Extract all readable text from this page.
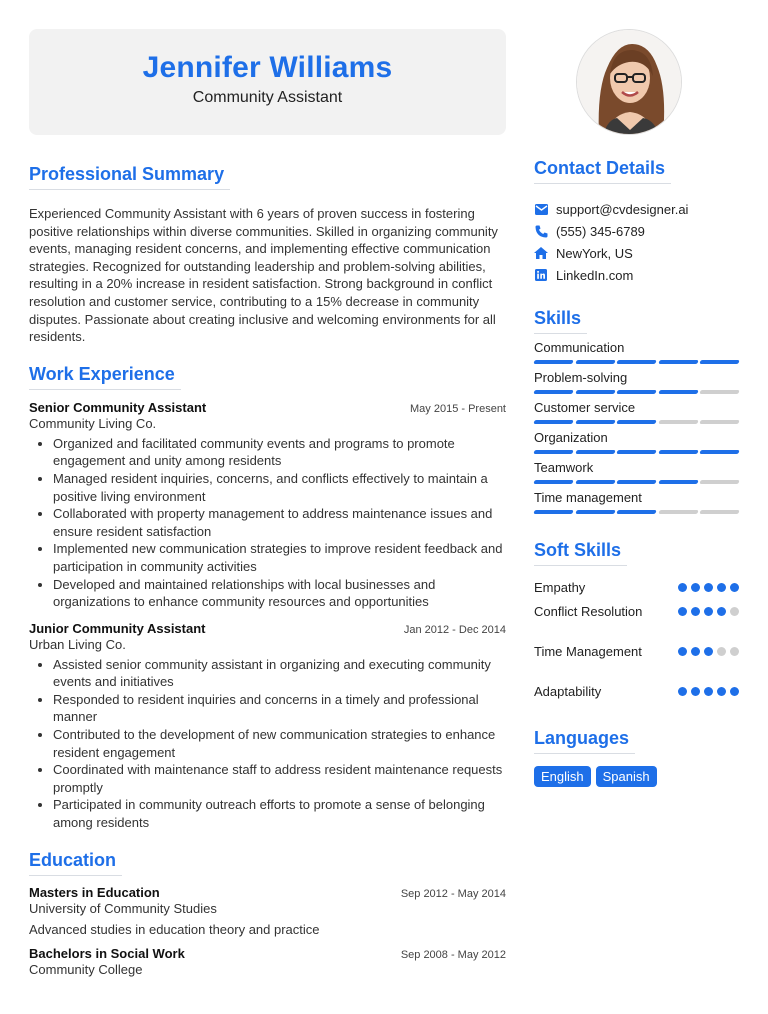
Jennifer Williams
Community Assistant
Professional Summary
Experienced Community Assistant with 6 years of proven success in fostering positive relationships within diverse communities. Skilled in organizing community events, managing resident concerns, and implementing effective communication strategies. Recognized for outstanding leadership and problem-solving abilities, resulting in a 20% increase in resident satisfaction. Strong background in conflict resolution and customer service, contributing to a 15% decrease in community disputes. Passionate about creating inclusive and welcoming environments for all residents.
Work Experience
Senior Community Assistant	May 2015 - Present
Community Living Co.
• Organized and facilitated community events and programs to promote engagement and unity among residents
• Managed resident inquiries, concerns, and conflicts effectively to maintain a positive living environment
• Collaborated with property management to address maintenance issues and ensure resident satisfaction
• Implemented new communication strategies to improve resident feedback and participation in community activities
• Developed and maintained relationships with local businesses and organizations to enhance community resources and opportunities
Junior Community Assistant	Jan 2012 - Dec 2014
Urban Living Co.
• Assisted senior community assistant in organizing and executing community events and initiatives
• Responded to resident inquiries and concerns in a timely and professional manner
• Contributed to the development of new communication strategies to enhance resident engagement
• Coordinated with maintenance staff to address resident maintenance requests promptly
• Participated in community outreach efforts to promote a sense of belonging among residents
Education
Masters in Education	Sep 2012 - May 2014
University of Community Studies
Advanced studies in education theory and practice
Bachelors in Social Work	Sep 2008 - May 2012
Community College
Contact Details
support@cvdesigner.ai
(555) 345-6789
NewYork, US
LinkedIn.com
Skills
Communication
Problem-solving
Customer service
Organization
Teamwork
Time management
Soft Skills
Empathy
Conflict Resolution
Time Management
Adaptability
Languages
English	Spanish
